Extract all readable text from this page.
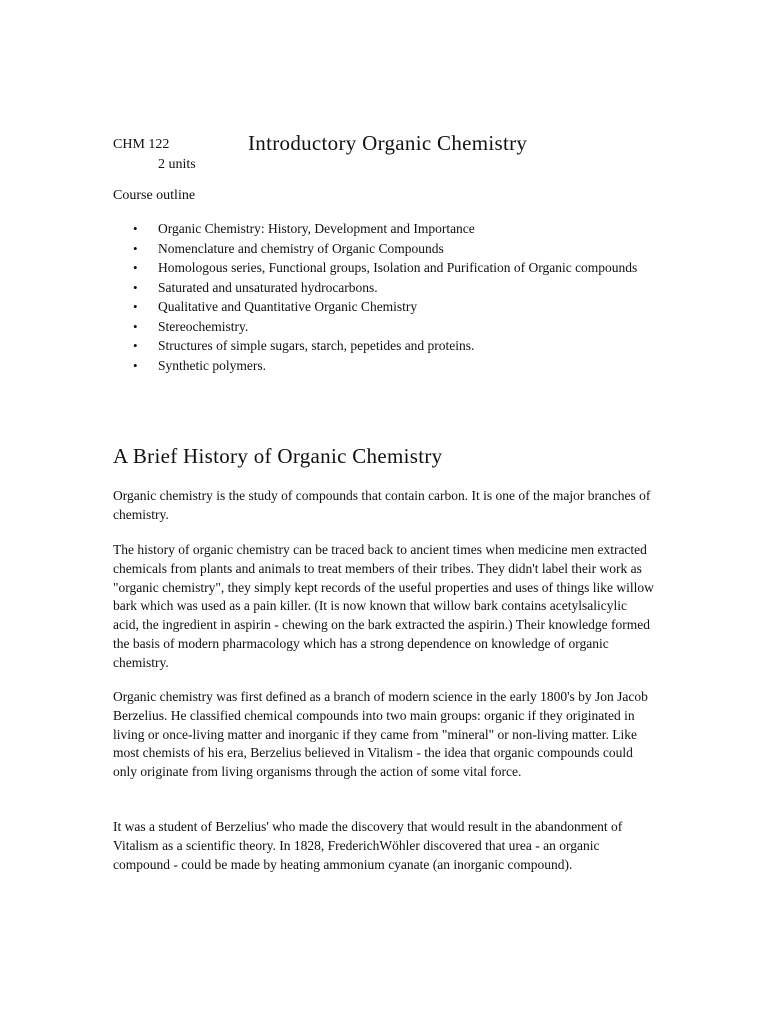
CHM 122	Introductory Organic Chemistry
2 units
Course outline
• Organic Chemistry: History, Development and Importance
• Nomenclature and chemistry of Organic Compounds
• Homologous series, Functional groups, Isolation and Purification of Organic compounds
• Saturated and unsaturated hydrocarbons.
• Qualitative and Quantitative Organic Chemistry
• Stereochemistry.
• Structures of simple sugars, starch, pepetides and proteins.
• Synthetic polymers.
A Brief History of Organic Chemistry

Organic chemistry is the study of compounds that contain carbon. It is one of the major branches of chemistry.

The history of organic chemistry can be traced back to ancient times when medicine men extracted chemicals from plants and animals to treat members of their tribes. They didn't label their work as "organic chemistry", they simply kept records of the useful properties and uses of things like willow bark which was used as a pain killer. (It is now known that willow bark contains acetylsalicylic acid, the ingredient in aspirin - chewing on the bark extracted the aspirin.) Their knowledge formed the basis of modern pharmacology which has a strong dependence on knowledge of organic chemistry.

Organic chemistry was first defined as a branch of modern science in the early 1800's by Jon Jacob Berzelius. He classified chemical compounds into two main groups: organic if they originated in living or once-living matter and inorganic if they came from "mineral" or non-living matter. Like most chemists of his era, Berzelius believed in Vitalism - the idea that organic compounds could only originate from living organisms through the action of some vital force.

It was a student of Berzelius' who made the discovery that would result in the abandonment of Vitalism as a scientific theory. In 1828, FrederichWöhler discovered that urea - an organic compound - could be made by heating ammonium cyanate (an inorganic compound).
